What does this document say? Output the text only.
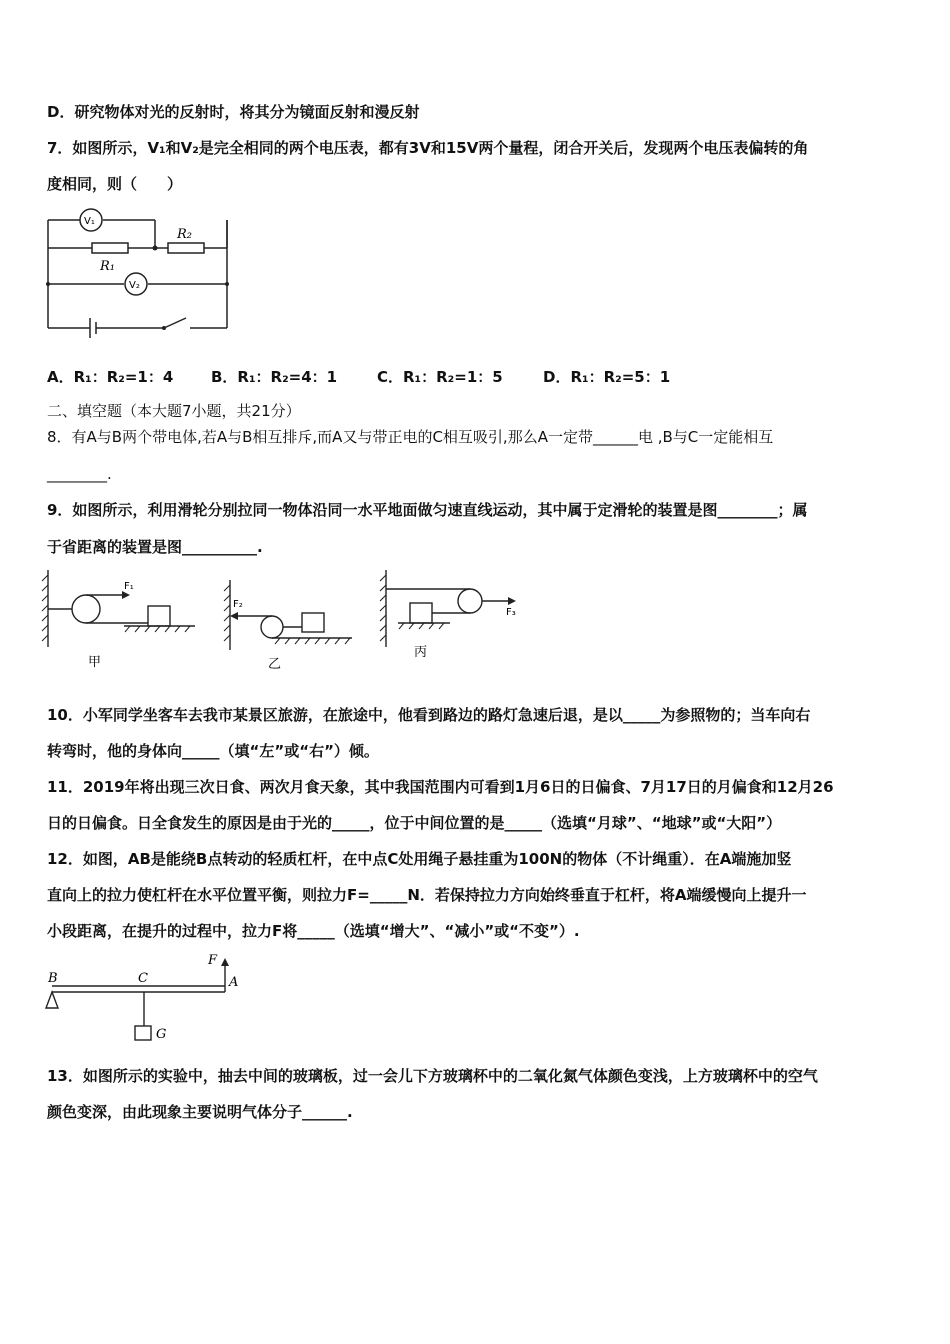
D．研究物体对光的反射时，将其分为镜面反射和漫反射
7．如图所示，V₁和V₂是完全相同的两个电压表，都有3V和15V两个量程，闭合开关后，发现两个电压表偏转的角
度相同，则（　　）
V₁
V₂
R₁
R₂
A．R₁：R₂=1：4	B．R₁：R₂=4：1	C．R₁：R₂=1：5	D．R₁：R₂=5：1
二、填空题（本大题7小题，共21分）
8．有A与B两个带电体,若A与B相互排斥,而A又与带正电的C相互吸引,那么A一定带______电 ,B与C一定能相互
________.
9．如图所示，利用滑轮分别拉同一物体沿同一水平地面做匀速直线运动，其中属于定滑轮的装置是图________；属
于省距离的装置是图__________.
F₁
F₂
F₃
甲	乙
丙
10．小军同学坐客车去我市某景区旅游，在旅途中，他看到路边的路灯急速后退，是以_____为参照物的；当车向右
转弯时，他的身体向_____（填“左”或“右”）倾。
11．2019年将出现三次日食、两次月食天象，其中我国范围内可看到1月6日的日偏食、7月17日的月偏食和12月26
日的日偏食。日全食发生的原因是由于光的_____，位于中间位置的是_____（选填“月球”、“地球”或“大阳”）
12．如图，AB是能绕B点转动的轻质杠杆，在中点C处用绳子悬挂重为100N的物体（不计绳重）．在A端施加竖
直向上的拉力使杠杆在水平位置平衡，则拉力F=_____N．若保持拉力方向始终垂直于杠杆，将A端缓慢向上提升一
小段距离，在提升的过程中，拉力F将_____（选填“增大”、“减小”或“不变”）.
B	C	A
F
G
13．如图所示的实验中，抽去中间的玻璃板，过一会儿下方玻璃杯中的二氧化氮气体颜色变浅，上方玻璃杯中的空气
颜色变深，由此现象主要说明气体分子______.
